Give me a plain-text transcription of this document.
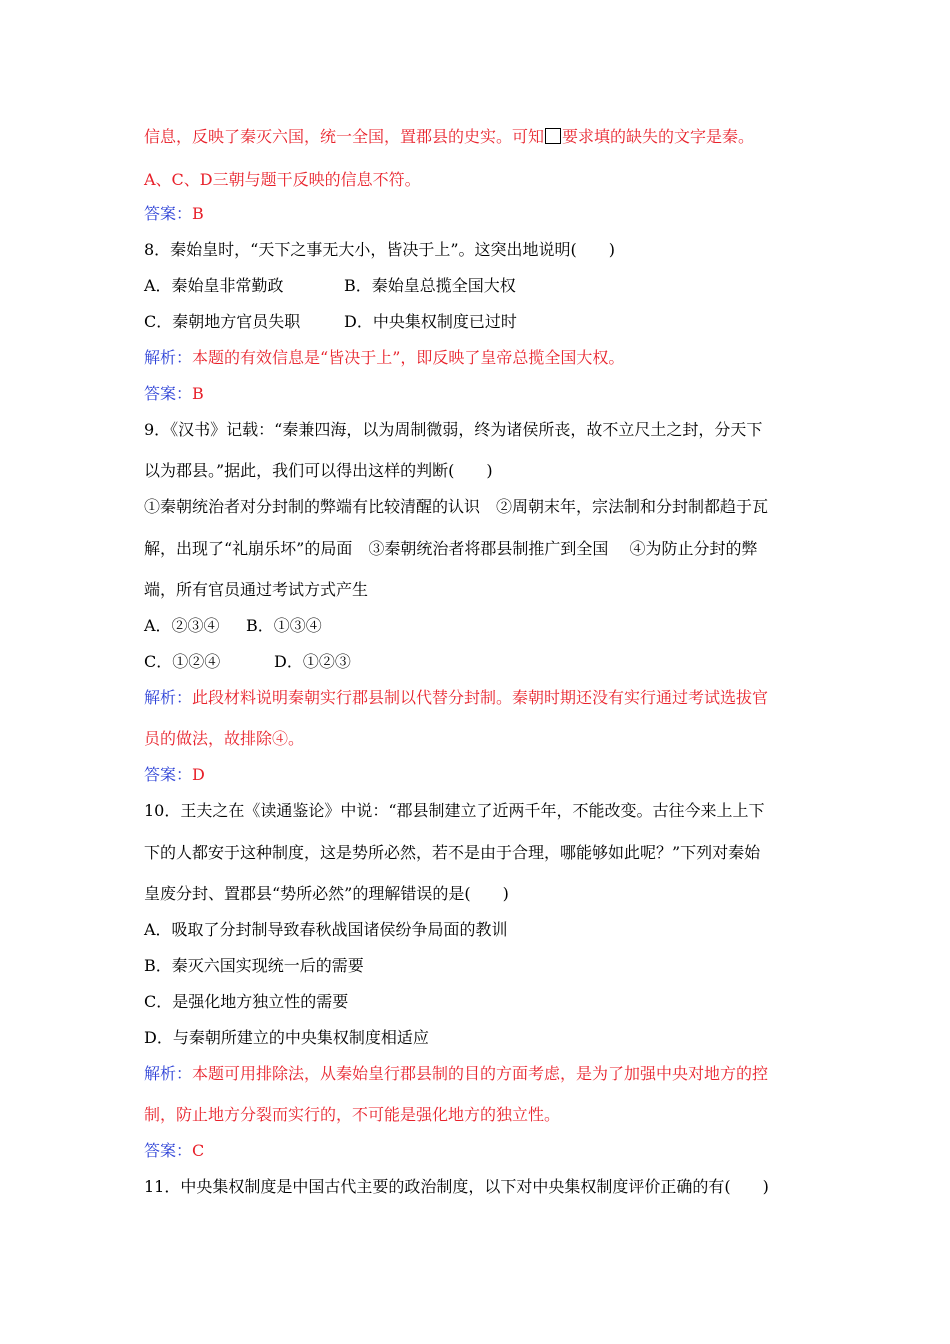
信息，反映了秦灭六国，统一全国，置郡县的史实。可知 要求填的缺失的文字是秦。
A、C、D三朝与题干反映的信息不符。
答案：B
8．秦始皇时，“天下之事无大小，皆决于上”。这突出地说明(　　)
A．秦始皇非常勤政	B．秦始皇总揽全国大权
C．秦朝地方官员失职	D．中央集权制度已过时
解析：本题的有效信息是“皆决于上”，即反映了皇帝总揽全国大权。
答案：B
9．《汉书》记载：“秦兼四海，以为周制微弱，终为诸侯所丧，故不立尺土之封，分天下
以为郡县。”据此，我们可以得出这样的判断(　　)
①秦朝统治者对分封制的弊端有比较清醒的认识　②周朝末年，宗法制和分封制都趋于瓦
解，出现了“礼崩乐坏”的局面　③秦朝统治者将郡县制推广到全国　 ④为防止分封的弊
端，所有官员通过考试方式产生
A．②③④ B．①③④
C．①②④	D．①②③
解析：此段材料说明秦朝实行郡县制以代替分封制。秦朝时期还没有实行通过考试选拔官
员的做法，故排除④。
答案：D
10．王夫之在《读通鉴论》中说：“郡县制建立了近两千年，不能改变。古往今来上上下
下的人都安于这种制度，这是势所必然，若不是由于合理，哪能够如此呢？”下列对秦始
皇废分封、置郡县“势所必然”的理解错误的是(　　)
A．吸取了分封制导致春秋战国诸侯纷争局面的教训
B．秦灭六国实现统一后的需要
C．是强化地方独立性的需要
D．与秦朝所建立的中央集权制度相适应
解析：本题可用排除法，从秦始皇行郡县制的目的方面考虑，是为了加强中央对地方的控
制，防止地方分裂而实行的，不可能是强化地方的独立性。
答案：C
11．中央集权制度是中国古代主要的政治制度，以下对中央集权制度评价正确的有(　　)
